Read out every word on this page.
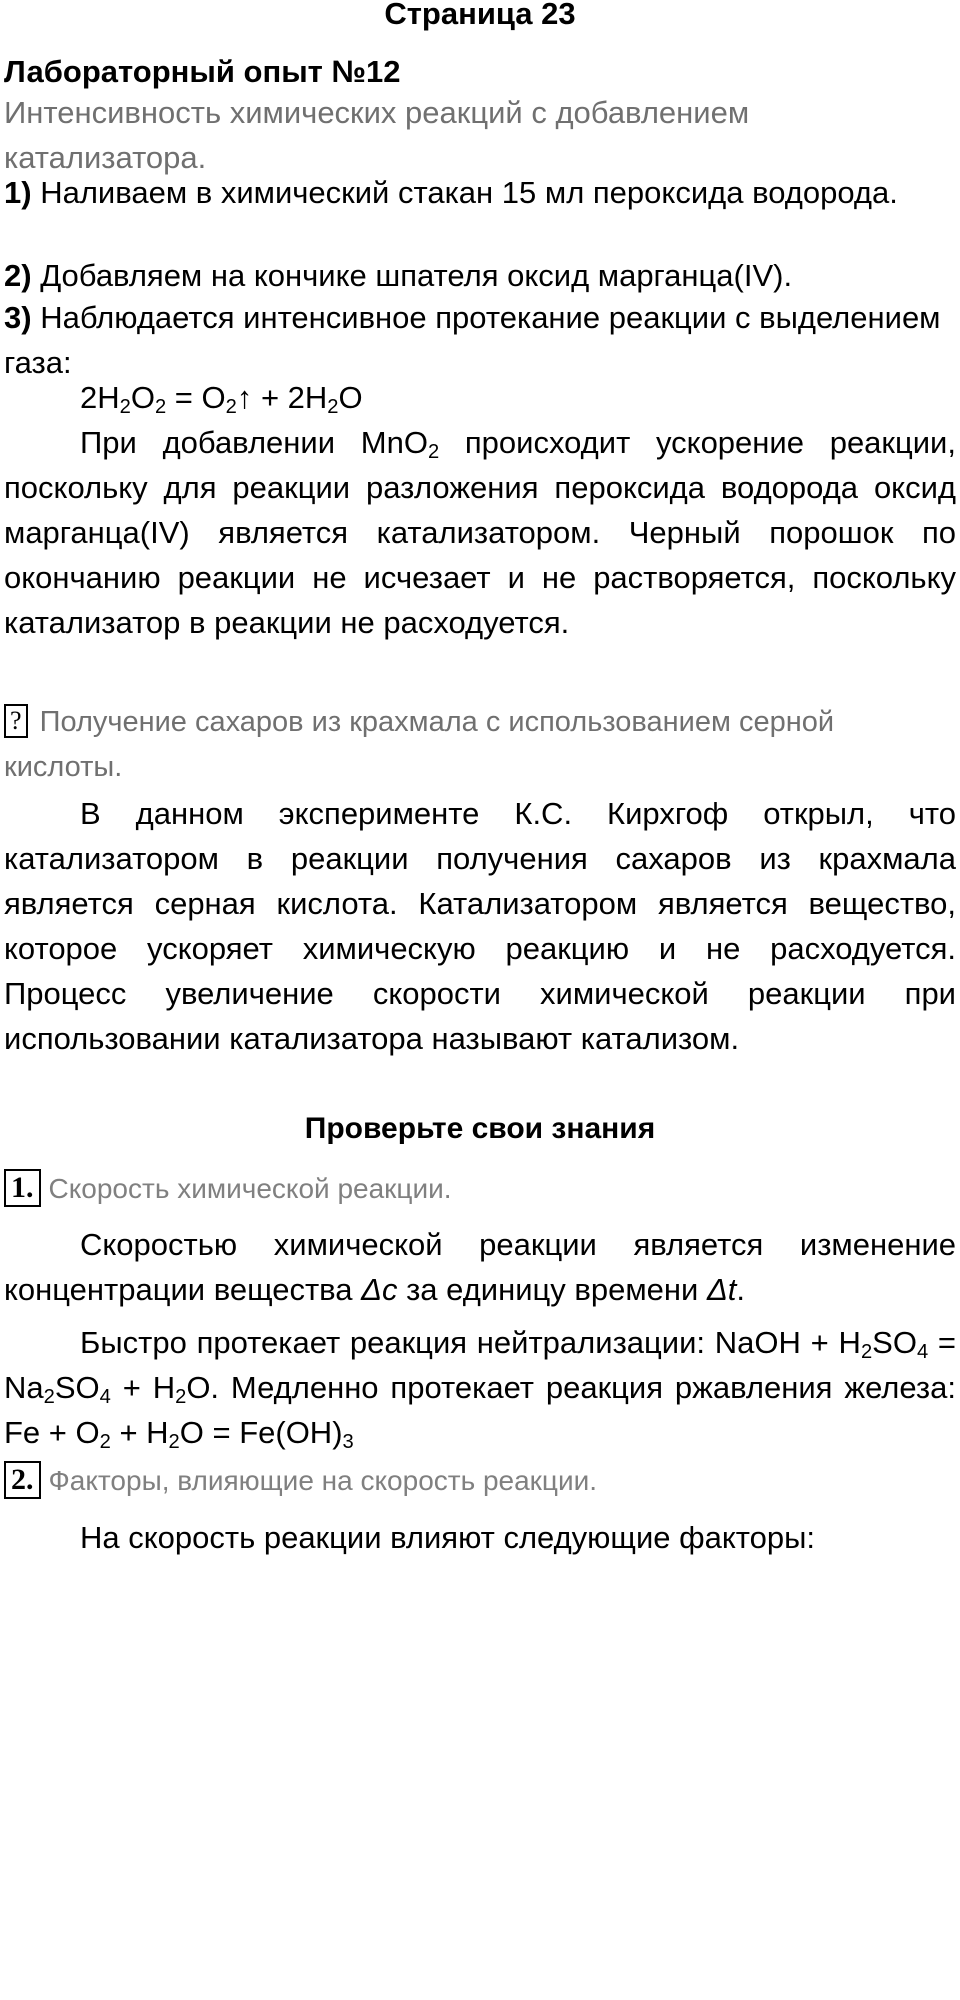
Страница 23
Лабораторный опыт №12
Интенсивность химических реакций с добавлением катализатора.
1) Наливаем в химический стакан 15 мл пероксида водорода.
2) Добавляем на кончике шпателя оксид марганца(IV).
3) Наблюдается интенсивное протекание реакции с выделением газа:
$2H_2O_2$ = $O_2↑ + 2H_2O$
При добавлении MnO$_2$ происходит ускорение реакции, поскольку для реакции разложения пероксида водорода оксид марганца(IV) является катализатором. Черный порошок по окончанию реакции не исчезает и не растворяется, поскольку катализатор в реакции не расходуется.
? Получение сахаров из крахмала с использованием серной кислоты.
В данном эксперименте К.С. Кирхгоф открыл, что катализатором в реакции получения сахаров из крахмала является серная кислота. Катализатором является вещество, которое ускоряет химическую реакцию и не расходуется. Процесс увеличение скорости химической реакции при использовании катализатора называют катализом.
Проверьте свои знания
1. Скорость химической реакции.
Скоростью химической реакции является изменение концентрации вещества Δc за единицу времени Δt.
Быстро протекает реакция нейтрализации: NaOH + $H_2SO_4 = Na_2SO_4 + H_2O$. Медленно протекает реакция ржавления железа: $Fe + O_2 + H_2O = Fe(OH)_3$
2. Факторы, влияющие на скорость реакции.
На скорость реакции влияют следующие факторы:
